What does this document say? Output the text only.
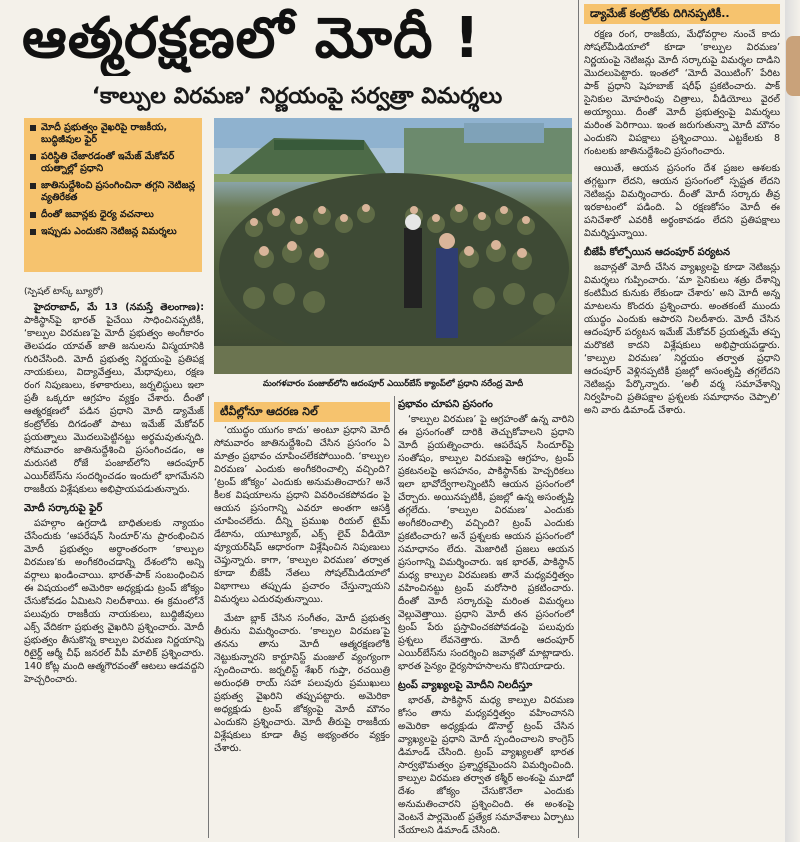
ఆత్మరక్షణలో మోదీ !
‘కాల్పుల విరమణ’ నిర్ణయంపై సర్వత్రా విమర్శలు
మోదీ ప్రభుత్వం వైఖరిపై రాజకీయ, బుద్ధిజీవుల ఫైర్
పరిస్థితి చేజారడంతో ఇమేజ్ మేకోవర్ యత్నాల్లో ప్రధాని
జాతినుద్దేశించి ప్రసంగించినా తగ్గని నెటిజన్ల వ్యతిరేకత
దీంతో జవాన్లకు ధైర్య వచనాలు
ఇప్పుడు ఎందుకని నెటిజన్ల విమర్శలు
మంగళవారం పంజాబ్‌లోని ఆదంపూర్ ఎయిర్‌బేస్ క్యాంప్‌లో ప్రధాని నరేంద్ర మోదీ
(స్పెషల్ టాస్క్ బ్యూరో)

హైదరాబాద్, మే 13 (నమస్తే తెలంగాణ): పాకిస్థాన్‌పై భారత్ పైచేయి సాధించినప్పటికీ, ‘కాల్పుల విరమణ’పై మోదీ ప్రభుత్వం అంగీకారం తెలపడం యావత్ జాతి జనులను విస్మయానికి గురిచేసింది. మోదీ ప్రభుత్వ నిర్ణయంపై ప్రతిపక్ష నాయకులు, విద్యావేత్తలు, మేధావులు, రక్షణ రంగ నిపుణులు, కళాకారులు, జర్నలిస్టులు ఇలా ప్రతీ ఒక్కరూ ఆగ్రహం వ్యక్తం చేశారు. దీంతో ఆత్మరక్షణలో పడిన ప్రధాని మోదీ డ్యామేజ్ కంట్రోల్‌కు దిగడంతో పాటు ఇమేజ్ మేకోవర్ ప్రయత్నాలు మొదలుపెట్టినట్టు అర్థమవుతున్నది. సోమవారం జాతినుద్దేశించి ప్రసంగించడం, ఆ మరుసటి రోజే పంజాబ్‌లోని ఆదంపూర్ ఎయిర్‌బేస్‌ను సందర్శించడం ఇందులో భాగమేనని రాజకీయ విశ్లేషకులు అభిప్రాయపడుతున్నారు.

మోదీ సర్కారుపై ఫైర్

పహల్గాం ఉగ్రదాడి బాధితులకు న్యాయం చేసేందుకు ‘ఆపరేషన్ సిందూర్’ను ప్రారంభించిన మోదీ ప్రభుత్వం అర్ధాంతరంగా ‘కాల్పుల విరమణ’కు అంగీకరించడాన్ని దేశంలోని అన్ని వర్గాలు ఖండించాయి. భారత్-పాక్ సంబంధించిన ఈ విషయంలో అమెరికా అధ్యక్షుడు ట్రంప్ జోక్యం చేసుకోవడం ఏమిటని నిలదీశాయి. ఈ క్రమంలోనే పలువురు రాజకీయ నాయకులు, బుద్ధిజీవులు ఎక్స్ వేదికగా ప్రభుత్వ వైఖరిని ప్రశ్నించారు. మోదీ ప్రభుత్వం తీసుకొన్న కాల్పుల విరమణ నిర్ణయాన్ని రిటైర్డ్ ఆర్మీ చీఫ్ జనరల్ వీపీ మాలిక్ ప్రశ్నించారు. 140 కోట్ల మంది ఆత్మగౌరవంతో ఆటలు ఆడవద్దని హెచ్చరించారు.

టీవీల్లోనూ ఆదరణ నిల్

‘యుద్ధం యుగం కాదు’ అంటూ ప్రధాని మోదీ సోమవారం జాతినుద్దేశించి చేసిన ప్రసంగం ఏ మాత్రం ప్రభావం చూపించలేకపోయింది. ‘కాల్పుల విరమణ’ ఎందుకు అంగీకరించాల్సి వచ్చింది? ‘ట్రంప్ జోక్యం’ ఎందుకు అనుమతించారు? అనే కీలక విషయాలను ప్రధాని వివరించకపోవడం పై ఆయన ప్రసంగాన్ని ఎవరూ అంతగా ఆసక్తి చూపించలేదు. దీన్ని ప్రముఖ రియల్ టైమ్ డేటాను, యూట్యూబ్, ఎక్స్ లైవ్ వీడియో వ్యూయర్‌షిప్ ఆధారంగా విశ్లేషించిన నిపుణులు చెప్తున్నారు. కాగా, ‘కాల్పుల విరమణ’ తర్వాత కూడా బీజేపీ నేతలు సోషల్‌మీడియాలో విభాగాలు తప్పుడు ప్రచారం చేస్తున్నాయని విమర్శలు ఎదురవుతున్నాయి.

మేటా బ్లాక్ చేసిన సంగీతం, మోదీ ప్రభుత్వ తీరును విమర్శించారు. ‘కాల్పుల విరమణ’పై తనను తాను మోదీ ఆత్మరక్షణలోకి నెట్టుకున్నారని కార్టూనిస్ట్ మంజుల్ వ్యంగ్యంగా స్పందించారు. జర్నలిస్ట్ శేఖర్ గుప్తా, రచయిత్రి అరుంధతి రాయ్ సహా పలువురు ప్రముఖులు ప్రభుత్వ వైఖరిని తప్పుపట్టారు. అమెరికా అధ్యక్షుడు ట్రంప్ జోక్యంపై మోదీ మౌనం ఎందుకని ప్రశ్నించారు. మోదీ తీరుపై రాజకీయ విశ్లేషకులు కూడా తీవ్ర అభ్యంతరం వ్యక్తం చేశారు.

ప్రభావం చూపని ప్రసంగం

‘కాల్పుల విరమణ’ పై ఆగ్రహంతో ఉన్న వారిని ఈ ప్రసంగంతో దారికి తెచ్చుకోవాలని ప్రధాని మోదీ ప్రయత్నించారు. ఆపరేషన్ సిందూర్‌పై సంతోషం, కాల్పుల విరమణపై ఆగ్రహం, ట్రంప్ ప్రకటనలపై అసహనం, పాకిస్థాన్‌కు హెచ్చరికలు ఇలా భావోద్వేగాలన్నింటినీ ఆయన ప్రసంగంలో చేర్చారు. అయినప్పటికీ, ప్రజల్లో ఉన్న అసంతృప్తి తగ్గలేదు. ‘కాల్పుల విరమణ’ ఎందుకు అంగీకరించాల్సి వచ్చింది? ట్రంప్ ఎందుకు ప్రకటించారు? అనే ప్రశ్నలకు ఆయన ప్రసంగంలో సమాధానం లేదు. మెజారిటీ ప్రజలు ఆయన ప్రసంగాన్ని విమర్శించారు. ఇక భారత్, పాకిస్థాన్ మధ్య కాల్పుల విరమణకు తానే మధ్యవర్తిత్వం వహించినట్టు ట్రంప్ మరోసారి ప్రకటించారు. దీంతో మోదీ సర్కారుపై మరింత విమర్శలు వెల్లువెత్తాయి. ప్రధాని మోదీ తన ప్రసంగంలో ట్రంప్ పేరు ప్రస్తావించకపోవడంపై పలువురు ప్రశ్నలు లేవనెత్తారు. మోదీ ఆదంపూర్ ఎయిర్‌బేస్‌ను సందర్శించి జవాన్లతో మాట్లాడారు. భారత సైన్యం ధైర్యసాహసాలను కొనియాడారు.

ట్రంప్ వ్యాఖ్యలపై మోదీని నిలదీస్తూ

భారత్, పాకిస్థాన్ మధ్య కాల్పుల విరమణ కోసం తాను మధ్యవర్తిత్వం వహించానని అమెరికా అధ్యక్షుడు డొనాల్డ్ ట్రంప్ చేసిన వ్యాఖ్యలపై ప్రధాని మోదీ స్పందించాలని కాంగ్రెస్ డిమాండ్ చేసింది. ట్రంప్ వ్యాఖ్యలతో భారత సార్వభౌమత్వం ప్రశ్నార్థకమైందని విమర్శించింది. కాల్పుల విరమణ తర్వాత కశ్మీర్ అంశంపై మూడో దేశం జోక్యం చేసుకొనేలా ఎందుకు అనుమతించారని ప్రశ్నించింది. ఈ అంశంపై వెంటనే పార్లమెంట్ ప్రత్యేక సమావేశాలు ఏర్పాటు చేయాలని డిమాండ్ చేసింది.

డ్యామేజ్ కంట్రోల్‌కు దిగినప్పటికీ..

రక్షణ రంగ, రాజకీయ, మేధోవర్గాల నుంచే కాదు సోషల్‌మీడియాలో కూడా ‘కాల్పుల విరమణ’ నిర్ణయంపై నెటిజన్లు మోదీ సర్కారుపై విమర్శల దాడిని మొదలుపెట్టారు. ఇంతలో ‘మోదీ వెయిటింగ్’ పేరిట పాక్ ప్రధాని షెహబాజ్ షరీఫ్ ప్రకటించారు. పాక్ సైనికుల మోహరింపు చిత్రాలు, వీడియోలు వైరల్ అయ్యాయి. దీంతో మోదీ ప్రభుత్వంపై విమర్శలు మరింత పెరిగాయి. ఇంత జరుగుతున్నా మోదీ మౌనం ఎందుకని విపక్షాలు ప్రశ్నించాయి. ఎట్టకేలకు 8 గంటలకు జాతినుద్దేశించి ప్రసంగించారు.

ఆయితే, ఆయన ప్రసంగం దేశ ప్రజల ఆశలకు తగ్గట్టుగా లేదని, ఆయన ప్రసంగంలో స్పష్టత లేదని నెటిజన్లు విమర్శించారు. దీంతో మోదీ సర్కారు తీవ్ర ఇరకాటంలో పడింది. ఏ రక్షణకోసం మోదీ ఈ పనిచేశారో ఎవరికీ అర్థంకావడం లేదని ప్రతిపక్షాలు విమర్శిస్తున్నాయి.

బీజేపీ కోల్పోయిన ఆదంపూర్ పర్యటన

జవాన్లతో మోదీ చేసిన వ్యాఖ్యలపై కూడా నెటిజన్లు విమర్శలు గుప్పించారు. ‘మా సైనికులు శత్రు దేశాన్ని కంటిమీద కునుకు లేకుండా చేశారు’ అని మోదీ అన్న మాటలను కొందరు ప్రశ్నించారు. అంతకంటే ముందు యుద్ధం ఎందుకు ఆపారని నిలదీశారు. మోదీ చేసిన ఆదంపూర్ పర్యటన ఇమేజ్ మేకోవర్ ప్రయత్నమే తప్ప మరొకటి కాదని విశ్లేషకులు అభిప్రాయపడ్డారు. ‘కాల్పుల విరమణ’ నిర్ణయం తర్వాత ప్రధాని ఆదంపూర్ వెళ్లినప్పటికీ ప్రజల్లో అసంతృప్తి తగ్గలేదని నెటిజన్లు పేర్కొన్నారు. ‘అలీ వర్మ సమావేశాన్ని నిర్వహించి ప్రతిపక్షాల ప్రశ్నలకు సమాధానం చెప్పాలి’ అని వారు డిమాండ్ చేశారు.
